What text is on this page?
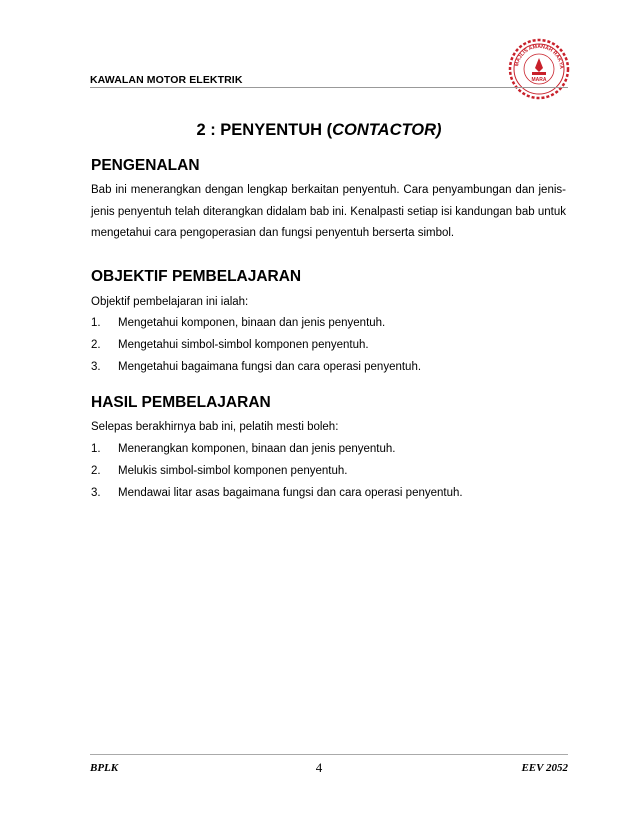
KAWALAN MOTOR ELEKTRIK
MAJLIS AMANAH RAKYA
MARA
2 : PENYENTUH (CONTACTOR)
PENGENALAN

Bab ini menerangkan dengan lengkap berkaitan penyentuh. Cara penyambungan dan jenis-jenis penyentuh telah diterangkan didalam bab ini. Kenalpasti setiap isi kandungan bab untuk mengetahui cara pengoperasian dan fungsi penyentuh berserta simbol.

OBJEKTIF PEMBELAJARAN
Objektif pembelajaran ini ialah:
1. Mengetahui komponen, binaan dan jenis penyentuh.
2. Mengetahui simbol-simbol komponen penyentuh.
3. Mengetahui bagaimana fungsi dan cara operasi penyentuh.
HASIL PEMBELAJARAN
Selepas berakhirnya bab ini, pelatih mesti boleh:
1. Menerangkan komponen, binaan dan jenis penyentuh.
2. Melukis simbol-simbol komponen penyentuh.
3. Mendawai litar asas bagaimana fungsi dan cara operasi penyentuh.
BPLK	4	EEV 2052
